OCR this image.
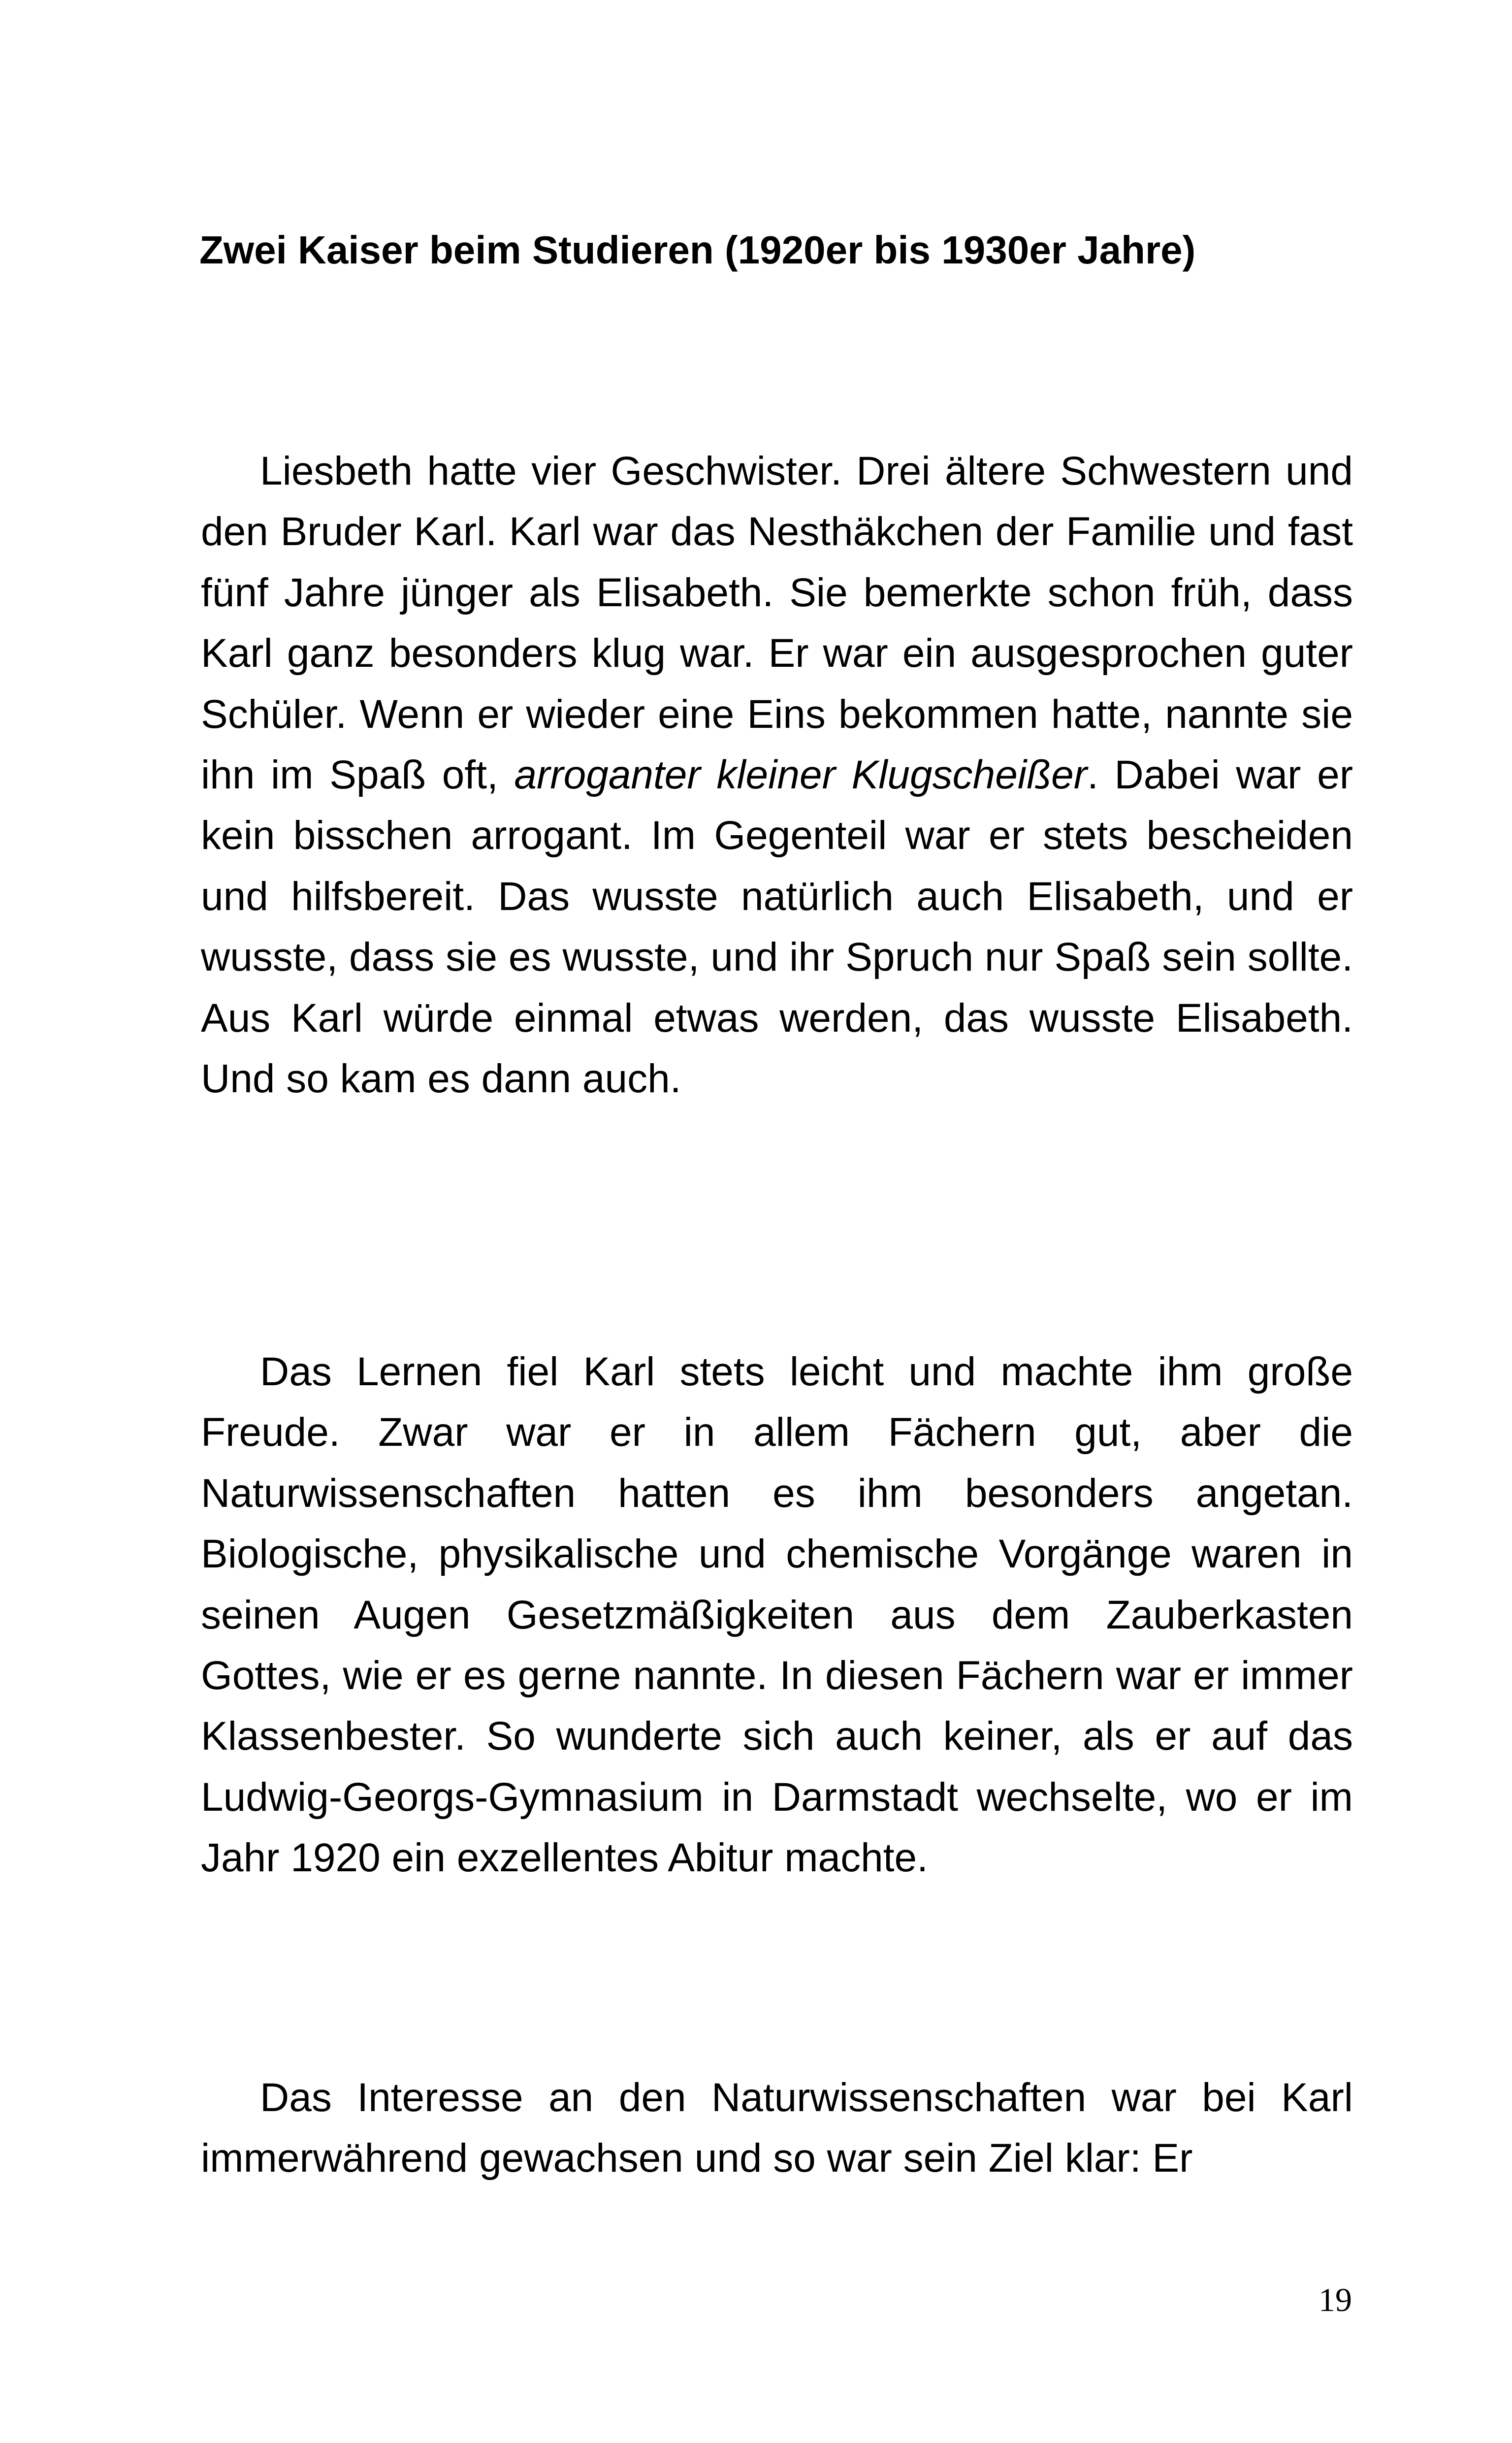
Zwei Kaiser beim Studieren (1920er bis 1930er Jahre)

Liesbeth hatte vier Geschwister. Drei ältere Schwestern und den Bruder Karl. Karl war das Nesthäkchen der Familie und fast fünf Jahre jünger als Elisabeth. Sie bemerkte schon früh, dass Karl ganz besonders klug war. Er war ein ausgesprochen guter Schüler. Wenn er wieder eine Eins bekommen hatte, nannte sie ihn im Spaß oft, arroganter kleiner Klugscheißer. Dabei war er kein bisschen arrogant. Im Gegenteil war er stets bescheiden und hilfsbereit. Das wusste natürlich auch Elisabeth, und er wusste, dass sie es wusste, und ihr Spruch nur Spaß sein sollte. Aus Karl würde einmal etwas werden, das wusste Elisabeth. Und so kam es dann auch.

Das Lernen fiel Karl stets leicht und machte ihm große Freude. Zwar war er in allem Fächern gut, aber die Naturwissenschaften hatten es ihm besonders angetan. Biologische, physikalische und chemische Vorgänge waren in seinen Augen Gesetzmäßigkeiten aus dem Zauberkasten Gottes, wie er es gerne nannte. In diesen Fächern war er immer Klassenbester. So wunderte sich auch keiner, als er auf das Ludwig-Georgs-Gymnasium in Darmstadt wechselte, wo er im Jahr 1920 ein exzellentes Abitur machte.

Das Interesse an den Naturwissenschaften war bei Karl immerwährend gewachsen und so war sein Ziel klar: Er

19
